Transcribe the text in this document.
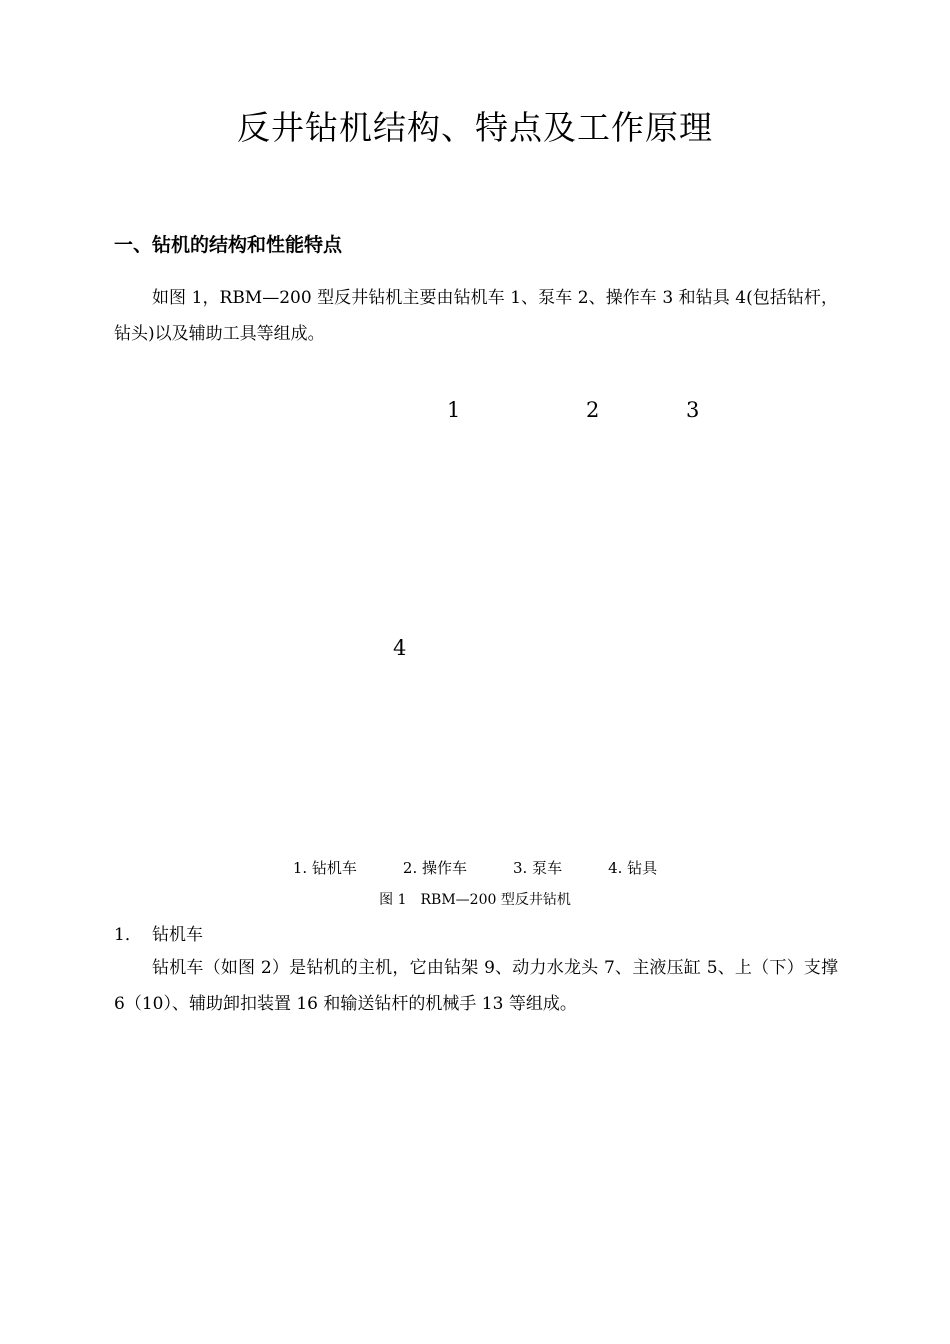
反井钻机结构、特点及工作原理
一、钻机的结构和性能特点
如图 1，RBM—200 型反井钻机主要由钻机车 1、泵车 2、操作车 3 和钻具 4(包括钻杆，钻头)以及辅助工具等组成。
1	2	3
4
1. 钻机车	2. 操作车	3. 泵车	4. 钻具
图 1　RBM—200 型反井钻机
1． 钻机车
钻机车（如图 2）是钻机的主机，它由钻架 9、动力水龙头 7、主液压缸 5、上（下）支撑 6（10）、辅助卸扣装置 16 和输送钻杆的机械手 13 等组成。
